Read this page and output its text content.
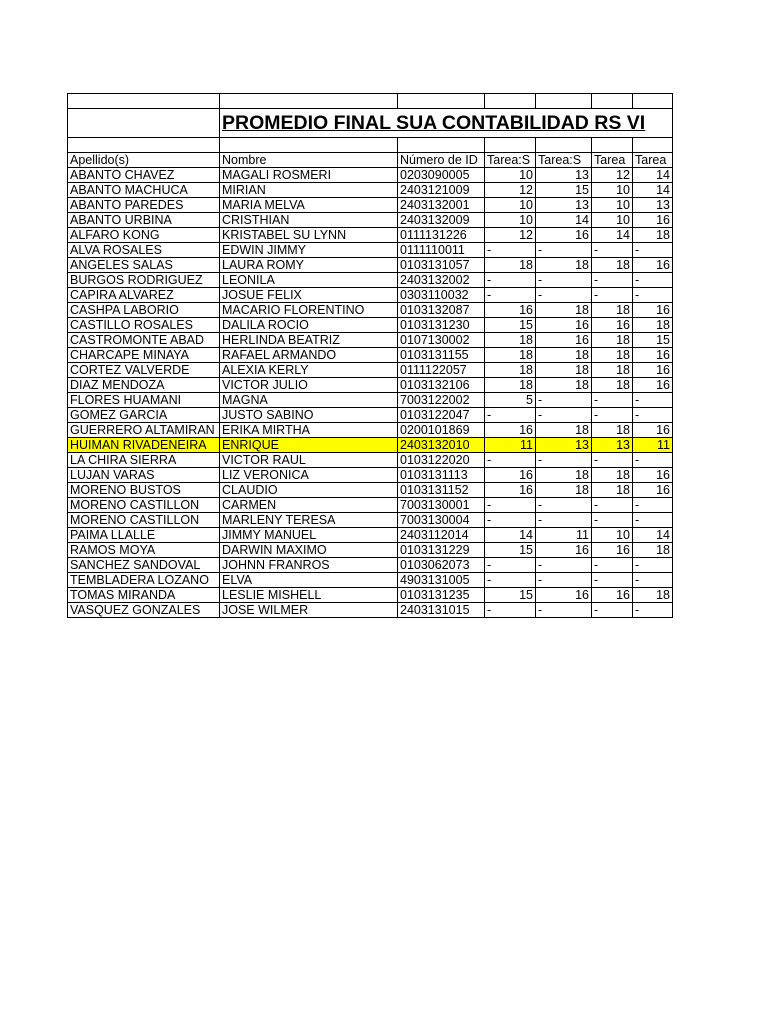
	PROMEDIO FINAL SUA CONTABILIDAD RS VI					

Apellido(s)	Nombre	Número de ID	Tarea:S	Tarea:S	Tarea	Tarea
ABANTO CHAVEZ	MAGALI ROSMERI	0203090005	10	13	12	14
ABANTO MACHUCA	MIRIAN	2403121009	12	15	10	14
ABANTO PAREDES	MARIA MELVA	2403132001	10	13	10	13
ABANTO URBINA	CRISTHIAN	2403132009	10	14	10	16
ALFARO KONG	KRISTABEL SU LYNN	0111131226	12	16	14	18
ALVA ROSALES	EDWIN JIMMY	0111110011	-	-	-	-
ANGELES SALAS	LAURA ROMY	0103131057	18	18	18	16
BURGOS RODRIGUEZ	LEONILA	2403132002	-	-	-	-
CAPIRA ALVAREZ	JOSUE FELIX	0303110032	-	-	-	-
CASHPA LABORIO	MACARIO FLORENTINO	0103132087	16	18	18	16
CASTILLO ROSALES	DALILA ROCIO	0103131230	15	16	16	18
CASTROMONTE ABAD	HERLINDA BEATRIZ	0107130002	18	16	18	15
CHARCAPE MINAYA	RAFAEL ARMANDO	0103131155	18	18	18	16
CORTEZ VALVERDE	ALEXIA KERLY	0111122057	18	18	18	16
DIAZ MENDOZA	VICTOR JULIO	0103132106	18	18	18	16
FLORES HUAMANI	MAGNA	7003122002	5	-	-	-
GOMEZ GARCIA	JUSTO SABINO	0103122047	-	-	-	-
GUERRERO ALTAMIRAN	ERIKA MIRTHA	0200101869	16	18	18	16
HUIMAN RIVADENEIRA	ENRIQUE	2403132010	11	13	13	11
LA CHIRA SIERRA	VICTOR RAUL	0103122020	-	-	-	-
LUJAN VARAS	LIZ VERONICA	0103131113	16	18	18	16
MORENO BUSTOS	CLAUDIO	0103131152	16	18	18	16
MORENO CASTILLON	CARMEN	7003130001	-	-	-	-
MORENO CASTILLON	MARLENY TERESA	7003130004	-	-	-	-
PAIMA LLALLE	JIMMY MANUEL	2403112014	14	11	10	14
RAMOS MOYA	DARWIN MAXIMO	0103131229	15	16	16	18
SANCHEZ SANDOVAL	JOHNN FRANROS	0103062073	-	-	-	-
TEMBLADERA LOZANO	ELVA	4903131005	-	-	-	-
TOMAS MIRANDA	LESLIE MISHELL	0103131235	15	16	16	18
VASQUEZ GONZALES	JOSE WILMER	2403131015	-	-	-	-
